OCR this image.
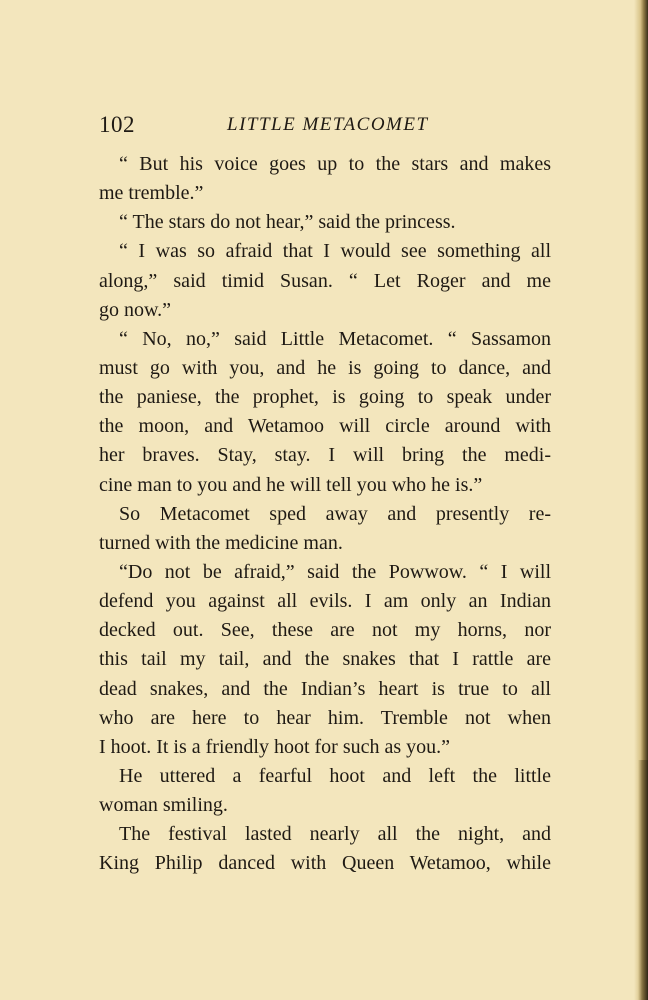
102	LITTLE METACOMET
“ But his voice goes up to the stars and makes
me tremble.”
“ The stars do not hear,” said the princess.
“ I was so afraid that I would see something all
along,” said timid Susan. “ Let Roger and me
go now.”
“ No, no,” said Little Metacomet. “ Sassamon
must go with you, and he is going to dance, and
the paniese, the prophet, is going to speak under
the moon, and Wetamoo will circle around with
her braves. Stay, stay. I will bring the medi-
cine man to you and he will tell you who he is.”
So Metacomet sped away and presently re-
turned with the medicine man.
“Do not be afraid,” said the Powwow. “ I will
defend you against all evils. I am only an Indian
decked out. See, these are not my horns, nor
this tail my tail, and the snakes that I rattle are
dead snakes, and the Indian’s heart is true to all
who are here to hear him. Tremble not when
I hoot. It is a friendly hoot for such as you.”
He uttered a fearful hoot and left the little
woman smiling.
The festival lasted nearly all the night, and
King Philip danced with Queen Wetamoo, while
